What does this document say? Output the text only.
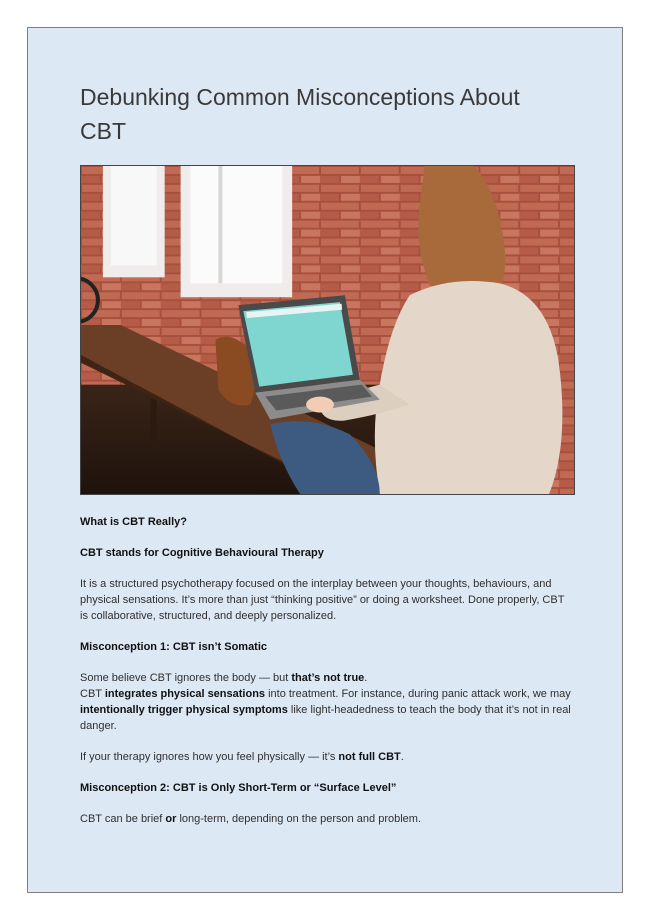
Debunking Common Misconceptions About CBT
What is CBT Really?
CBT stands for Cognitive Behavioural Therapy

It is a structured psychotherapy focused on the interplay between your thoughts, behaviours, and physical sensations. It’s more than just “thinking positive” or doing a worksheet. Done properly, CBT is collaborative, structured, and deeply personalized.

Misconception 1: CBT isn’t Somatic

Some believe CBT ignores the body — but that’s not true.

CBT integrates physical sensations into treatment. For instance, during panic attack work, we may intentionally trigger physical symptoms like light-headedness to teach the body that it’s not in real danger.

If your therapy ignores how you feel physically — it’s not full CBT.

Misconception 2: CBT is Only Short-Term or “Surface Level”

CBT can be brief or long-term, depending on the person and problem.
